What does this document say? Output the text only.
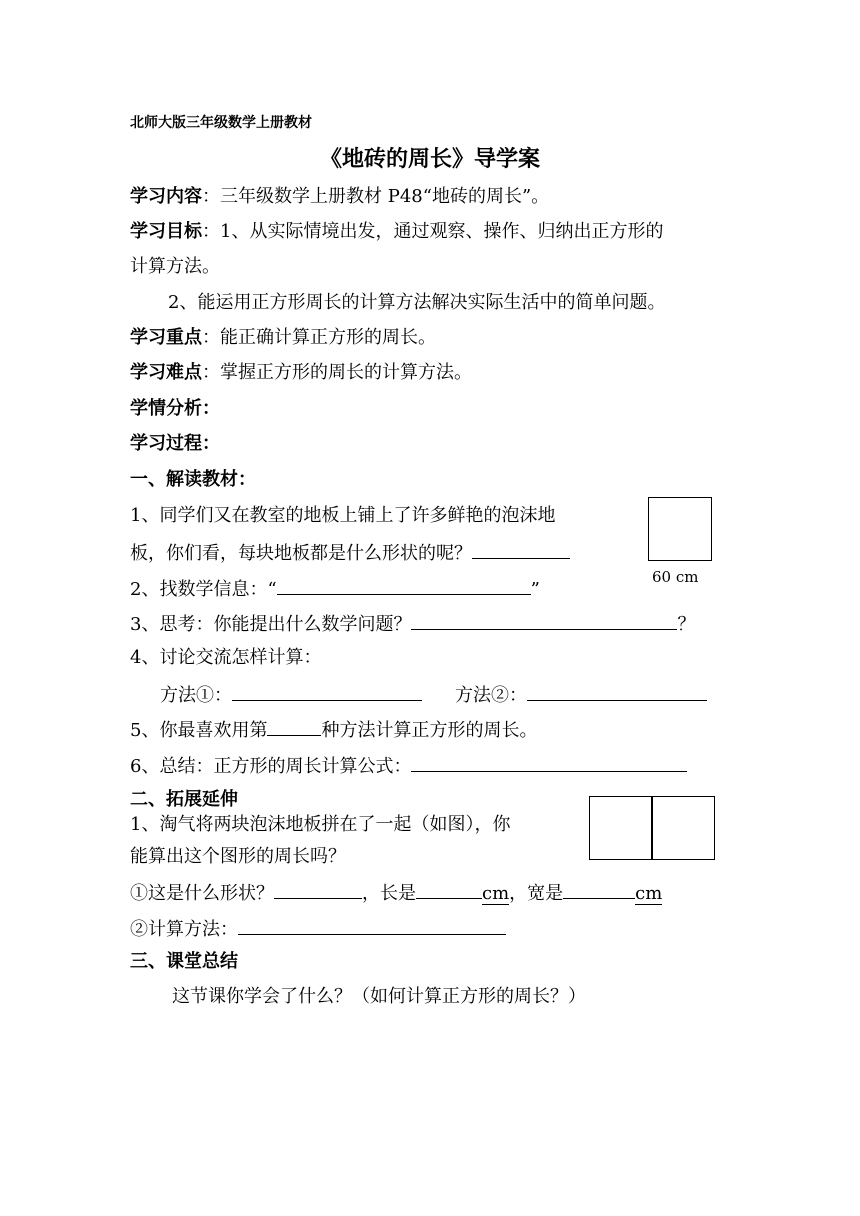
北师大版三年级数学上册教材
《地砖的周长》导学案
学习内容：三年级数学上册教材 P48“地砖的周长”。
学习目标：1、从实际情境出发，通过观察、操作、归纳出正方形的
计算方法。
2、能运用正方形周长的计算方法解决实际生活中的简单问题。
学习重点：能正确计算正方形的周长。
学习难点：掌握正方形的周长的计算方法。
学情分析：
学习过程：
一、解读教材：
1、同学们又在教室的地板上铺上了许多鲜艳的泡沫地
板，你们看，每块地板都是什么形状的呢？
60 cm
2、找数学信息：“	”
3、思考：你能提出什么数学问题？	？
4、讨论交流怎样计算：
方法①：	方法②：
5、你最喜欢用第	种方法计算正方形的周长。
6、总结：正方形的周长计算公式：
二、拓展延伸
1、淘气将两块泡沫地板拼在了一起（如图），你
能算出这个图形的周长吗？
①这是什么形状？	，长是	cm，宽是	cm
②计算方法：
三、课堂总结
这节课你学会了什么？（如何计算正方形的周长？）
